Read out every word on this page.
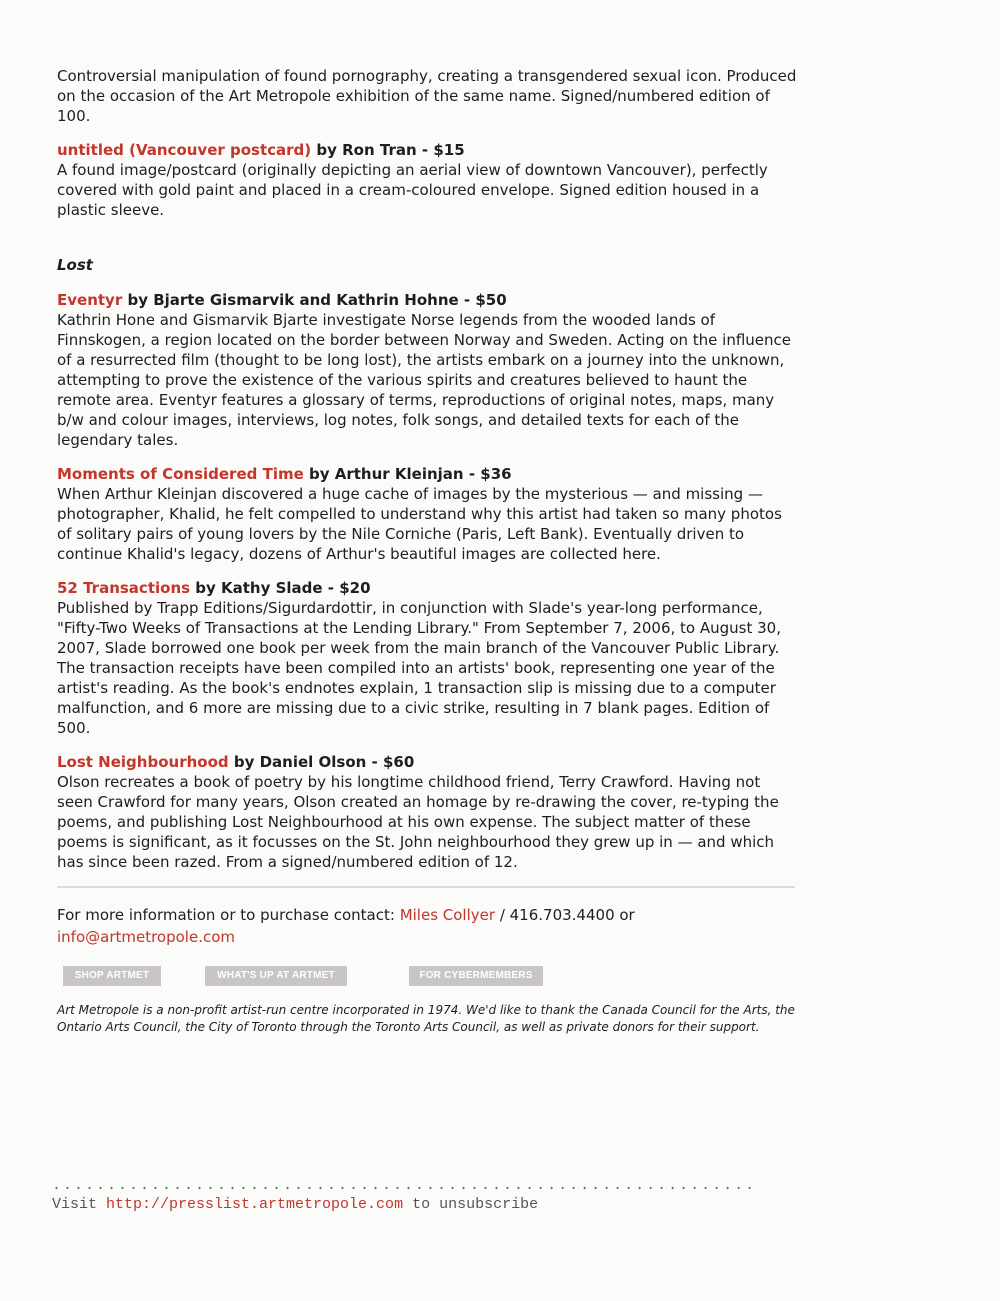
Controversial manipulation of found pornography, creating a transgendered sexual icon. Produced on the occasion of the Art Metropole exhibition of the same name. Signed/numbered edition of 100.

untitled (Vancouver postcard) by Ron Tran - $15

A found image/postcard (originally depicting an aerial view of downtown Vancouver), perfectly covered with gold paint and placed in a cream-coloured envelope. Signed edition housed in a plastic sleeve.

Lost

Eventyr by Bjarte Gismarvik and Kathrin Hohne - $50

Kathrin Hone and Gismarvik Bjarte investigate Norse legends from the wooded lands of Finnskogen, a region located on the border between Norway and Sweden. Acting on the influence of a resurrected film (thought to be long lost), the artists embark on a journey into the unknown, attempting to prove the existence of the various spirits and creatures believed to haunt the remote area. Eventyr features a glossary of terms, reproductions of original notes, maps, many b/w and colour images, interviews, log notes, folk songs, and detailed texts for each of the legendary tales.

Moments of Considered Time by Arthur Kleinjan - $36

When Arthur Kleinjan discovered a huge cache of images by the mysterious — and missing — photographer, Khalid, he felt compelled to understand why this artist had taken so many photos of solitary pairs of young lovers by the Nile Corniche (Paris, Left Bank). Eventually driven to continue Khalid's legacy, dozens of Arthur's beautiful images are collected here.

52 Transactions by Kathy Slade - $20

Published by Trapp Editions/Sigurdardottir, in conjunction with Slade's year-long performance, "Fifty-Two Weeks of Transactions at the Lending Library." From September 7, 2006, to August 30, 2007, Slade borrowed one book per week from the main branch of the Vancouver Public Library. The transaction receipts have been compiled into an artists' book, representing one year of the artist's reading. As the book's endnotes explain, 1 transaction slip is missing due to a computer malfunction, and 6 more are missing due to a civic strike, resulting in 7 blank pages. Edition of 500.

Lost Neighbourhood by Daniel Olson - $60

Olson recreates a book of poetry by his longtime childhood friend, Terry Crawford. Having not seen Crawford for many years, Olson created an homage by re-drawing the cover, re-typing the poems, and publishing Lost Neighbourhood at his own expense. The subject matter of these poems is significant, as it focusses on the St. John neighbourhood they grew up in — and which has since been razed. From a signed/numbered edition of 12.

For more information or to purchase contact: Miles Collyer / 416.703.4400 or
info@artmetropole.com
SHOP ARTMET	WHAT'S UP AT ARTMET	FOR CYBERMEMBERS
Art Metropole is a non-profit artist-run centre incorporated in 1974. We'd like to thank the Canada Council for the Arts, the Ontario Arts Council, the City of Toronto through the Toronto Arts Council, as well as private donors for their support.
................................................................
Visit http://presslist.artmetropole.com to unsubscribe
